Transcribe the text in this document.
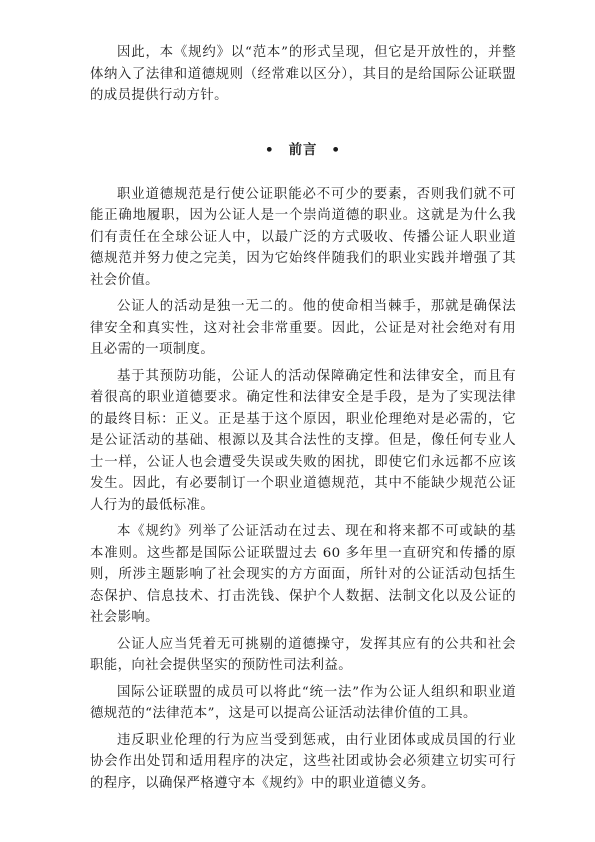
因此，本《规约》以“范本”的形式呈现，但它是开放性的，并整体纳入了法律和道德规则（经常难以区分），其目的是给国际公证联盟的成员提供行动方针。

• 前言 •

职业道德规范是行使公证职能必不可少的要素，否则我们就不可能正确地履职，因为公证人是一个崇尚道德的职业。这就是为什么我们有责任在全球公证人中，以最广泛的方式吸收、传播公证人职业道德规范并努力使之完美，因为它始终伴随我们的职业实践并增强了其社会价值。

公证人的活动是独一无二的。他的使命相当棘手，那就是确保法律安全和真实性，这对社会非常重要。因此，公证是对社会绝对有用且必需的一项制度。

基于其预防功能，公证人的活动保障确定性和法律安全，而且有着很高的职业道德要求。确定性和法律安全是手段，是为了实现法律的最终目标：正义。正是基于这个原因，职业伦理绝对是必需的，它是公证活动的基础、根源以及其合法性的支撑。但是，像任何专业人士一样，公证人也会遭受失误或失败的困扰，即使它们永远都不应该发生。因此，有必要制订一个职业道德规范，其中不能缺少规范公证人行为的最低标准。

本《规约》列举了公证活动在过去、现在和将来都不可或缺的基本准则。这些都是国际公证联盟过去 60 多年里一直研究和传播的原则，所涉主题影响了社会现实的方方面面，所针对的公证活动包括生态保护、信息技术、打击洗钱、保护个人数据、法制文化以及公证的社会影响。

公证人应当凭着无可挑剔的道德操守，发挥其应有的公共和社会职能，向社会提供坚实的预防性司法利益。

国际公证联盟的成员可以将此“统一法”作为公证人组织和职业道德规范的“法律范本”，这是可以提高公证活动法律价值的工具。

违反职业伦理的行为应当受到惩戒，由行业团体或成员国的行业协会作出处罚和适用程序的决定，这些社团或协会必须建立切实可行的程序，以确保严格遵守本《规约》中的职业道德义务。
